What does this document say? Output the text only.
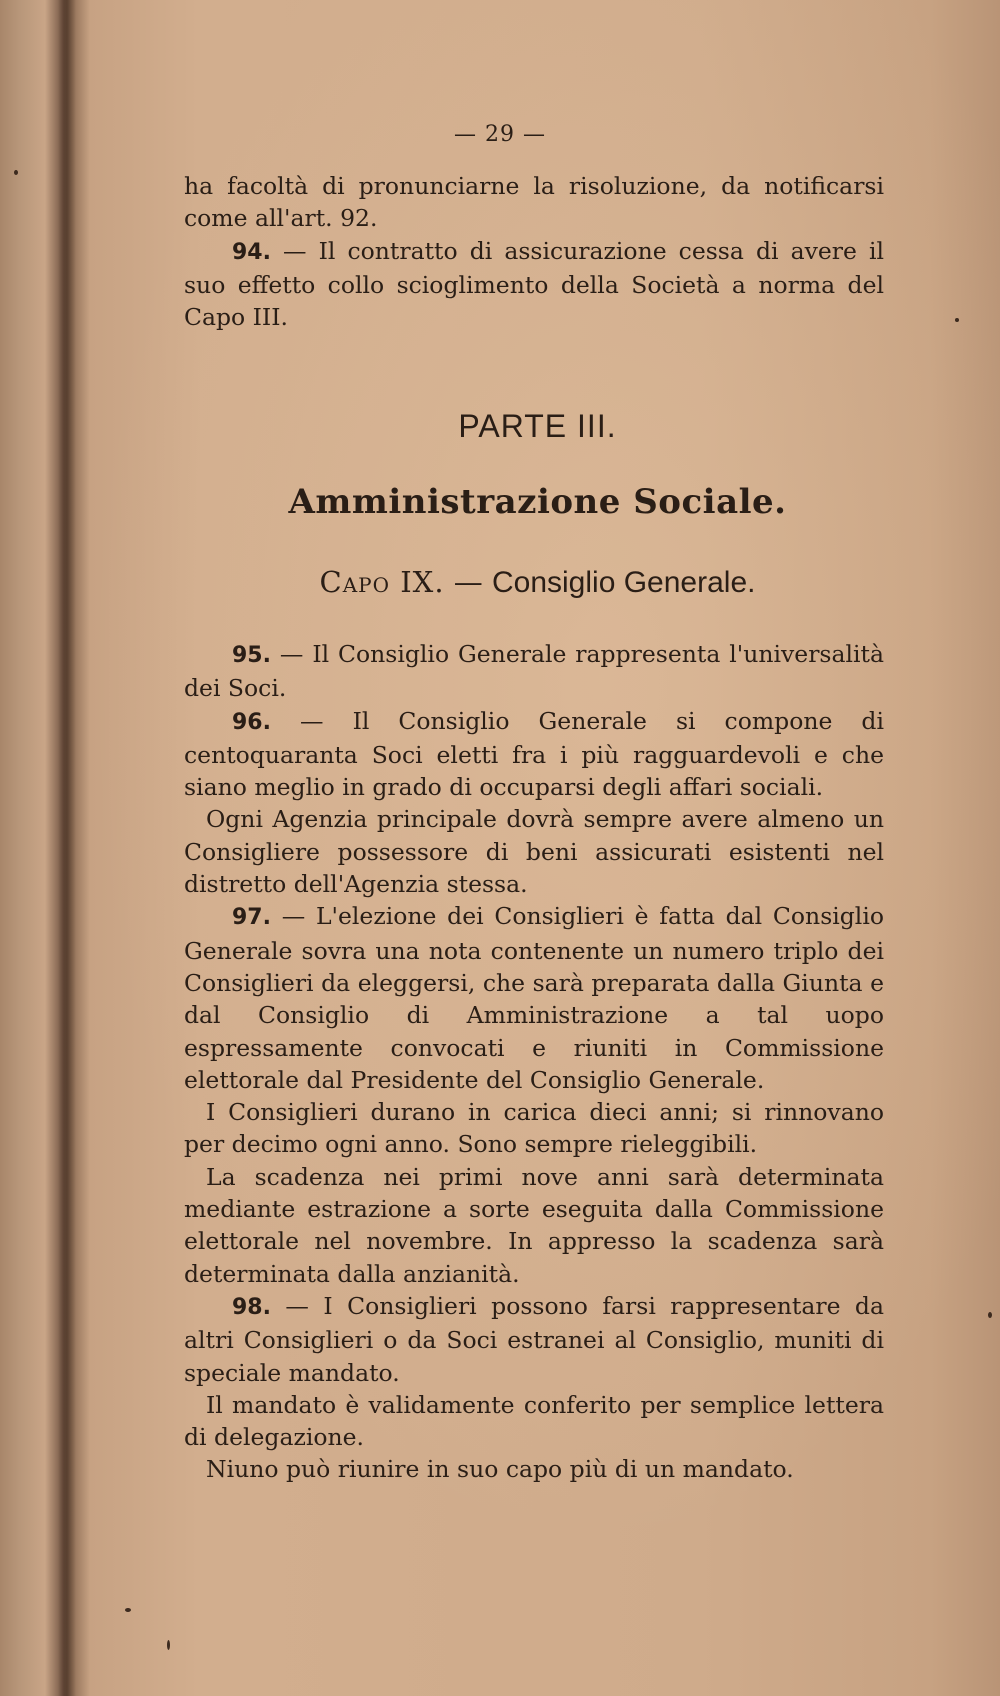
— 29 —

ha facoltà di pronunciarne la risoluzione, da notificarsi come all'art. 92.

94. — Il contratto di assicurazione cessa di avere il suo effetto collo scioglimento della Società a norma del Capo III.

PARTE III.
Amministrazione Sociale.
Capo IX. — Consiglio Generale.

95. — Il Consiglio Generale rappresenta l'universalità dei Soci.

96. — Il Consiglio Generale si compone di centoquaranta Soci eletti fra i più ragguardevoli e che siano meglio in grado di occuparsi degli affari sociali.

Ogni Agenzia principale dovrà sempre avere almeno un Consigliere possessore di beni assicurati esistenti nel distretto dell'Agenzia stessa.

97. — L'elezione dei Consiglieri è fatta dal Consiglio Generale sovra una nota contenente un numero triplo dei Consiglieri da eleggersi, che sarà preparata dalla Giunta e dal Consiglio di Amministrazione a tal uopo espressamente convocati e riuniti in Commissione elettorale dal Presidente del Consiglio Generale.

I Consiglieri durano in carica dieci anni; si rinnovano per decimo ogni anno. Sono sempre rieleggibili.

La scadenza nei primi nove anni sarà determinata mediante estrazione a sorte eseguita dalla Commissione elettorale nel novembre. In appresso la scadenza sarà determinata dalla anzianità.

98. — I Consiglieri possono farsi rappresentare da altri Consiglieri o da Soci estranei al Consiglio, muniti di speciale mandato.

Il mandato è validamente conferito per semplice lettera di delegazione.

Niuno può riunire in suo capo più di un mandato.
